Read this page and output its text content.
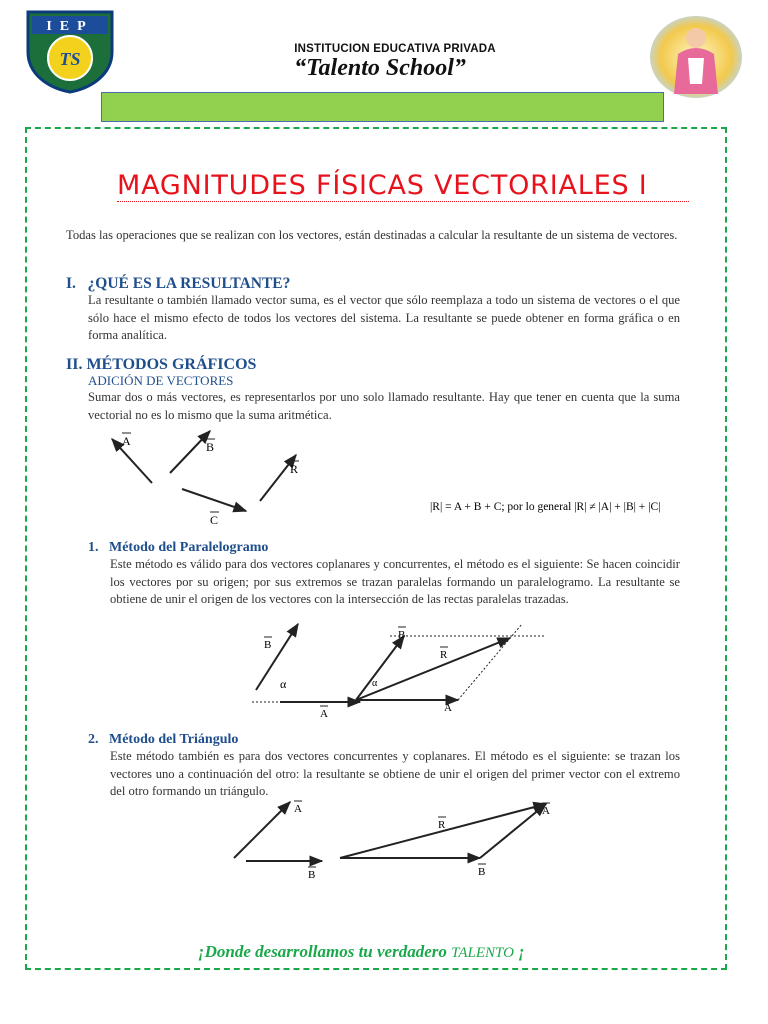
IEP
TS	INSTITUCION EDUCATIVA PRIVADA
“Talento School”
MAGNITUDES FÍSICAS VECTORIALES I
Todas las operaciones que se realizan con los vectores, están destinadas a calcular la resultante de un sistema de vectores.
I.   ¿QUÉ ES LA RESULTANTE?
La resultante o también llamado vector suma, es el vector que sólo reemplaza a todo un sistema de vectores o el que sólo hace el mismo efecto de todos los vectores del sistema. La resultante se puede obtener en forma gráfica o en forma analítica.
II. MÉTODOS GRÁFICOS
ADICIÓN DE VECTORES
Sumar dos o más vectores, es representarlos por uno solo llamado resultante. Hay que tener en cuenta que la suma vectorial no es lo mismo que la suma aritmética.
A	B
C
R
|R| = A + B + C; por lo general |R| ≠ |A| + |B| + |C|
1.   Método del Paralelogramo
Este método es válido para dos vectores coplanares y concurrentes, el método es el siguiente: Se hacen coincidir los vectores por su origen; por sus extremos se trazan paralelas formando un paralelogramo. La resultante se obtiene de unir el origen de los vectores con la intersección de las rectas paralelas trazadas.
B
α
A
B
R
α
A
2.   Método del Triángulo
Este método también es para dos vectores concurrentes y coplanares. El método es el siguiente: se trazan los vectores uno a continuación del otro: la resultante se obtiene de unir el origen del primer vector con el extremo del otro formando un triángulo.
A
B
R
A
B
¡Donde desarrollamos tu verdadero TALENTO ¡
